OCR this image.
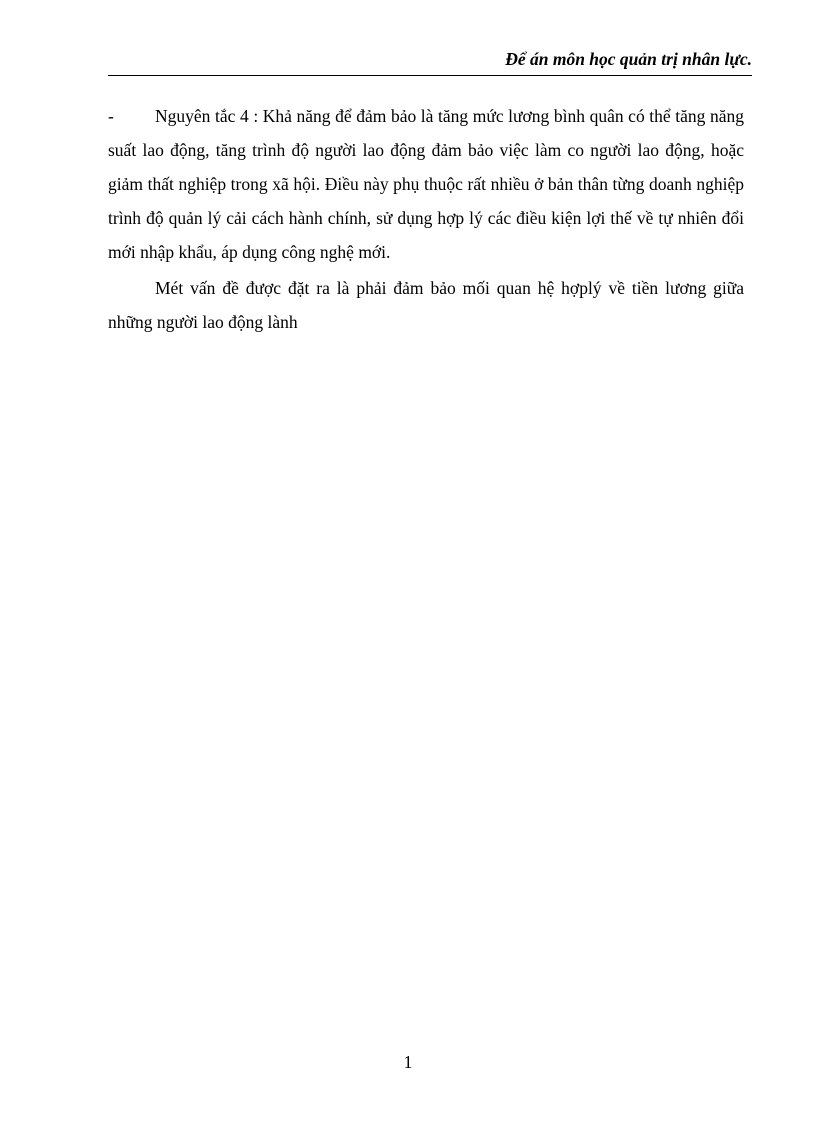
Để án môn học quản trị nhân lực.

- Nguyên tắc 4 : Khả năng để đảm bảo là tăng mức lương bình quân có thể tăng năng suất lao động, tăng trình độ người lao động đảm bảo việc làm co người lao động, hoặc giảm thất nghiệp trong xã hội. Điều này phụ thuộc rất nhiều ở bản thân từng doanh nghiệp trình độ quản lý cải cách hành chính, sử dụng hợp lý các điều kiện lợi thế về tự nhiên đổi mới nhập khẩu, áp dụng công nghệ mới.

Mét vấn đề được đặt ra là phải đảm bảo mối quan hệ hợplý về tiền lương giữa những người lao động lành

1
